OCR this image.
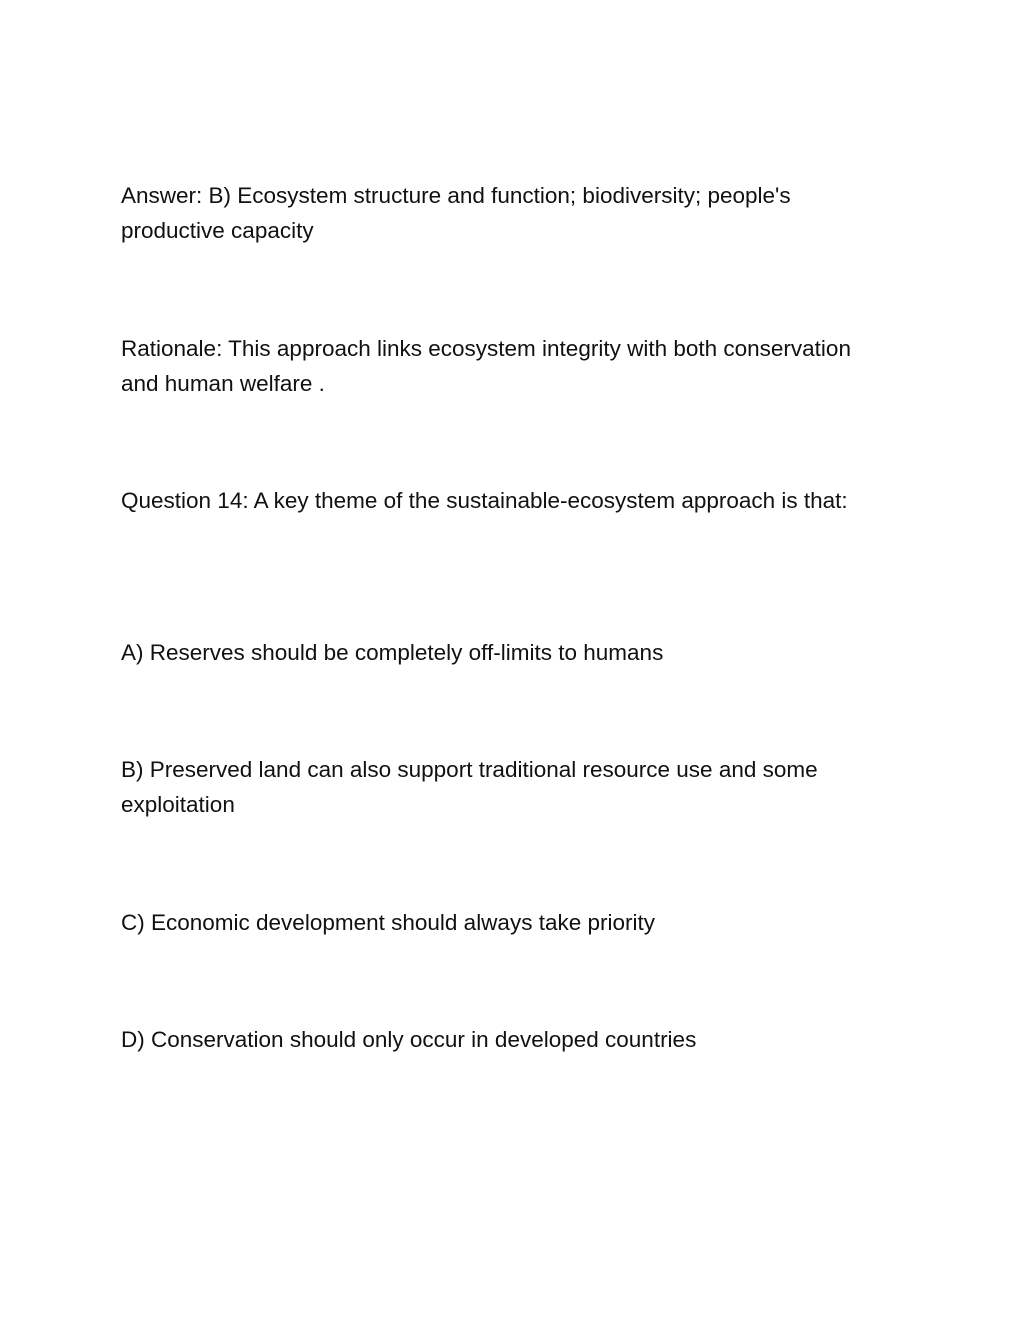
Answer: B) Ecosystem structure and function; biodiversity; people's productive capacity

Rationale: This approach links ecosystem integrity with both conservation and human welfare .

Question 14: A key theme of the sustainable-ecosystem approach is that:

A) Reserves should be completely off-limits to humans

B) Preserved land can also support traditional resource use and some exploitation

C) Economic development should always take priority

D) Conservation should only occur in developed countries
